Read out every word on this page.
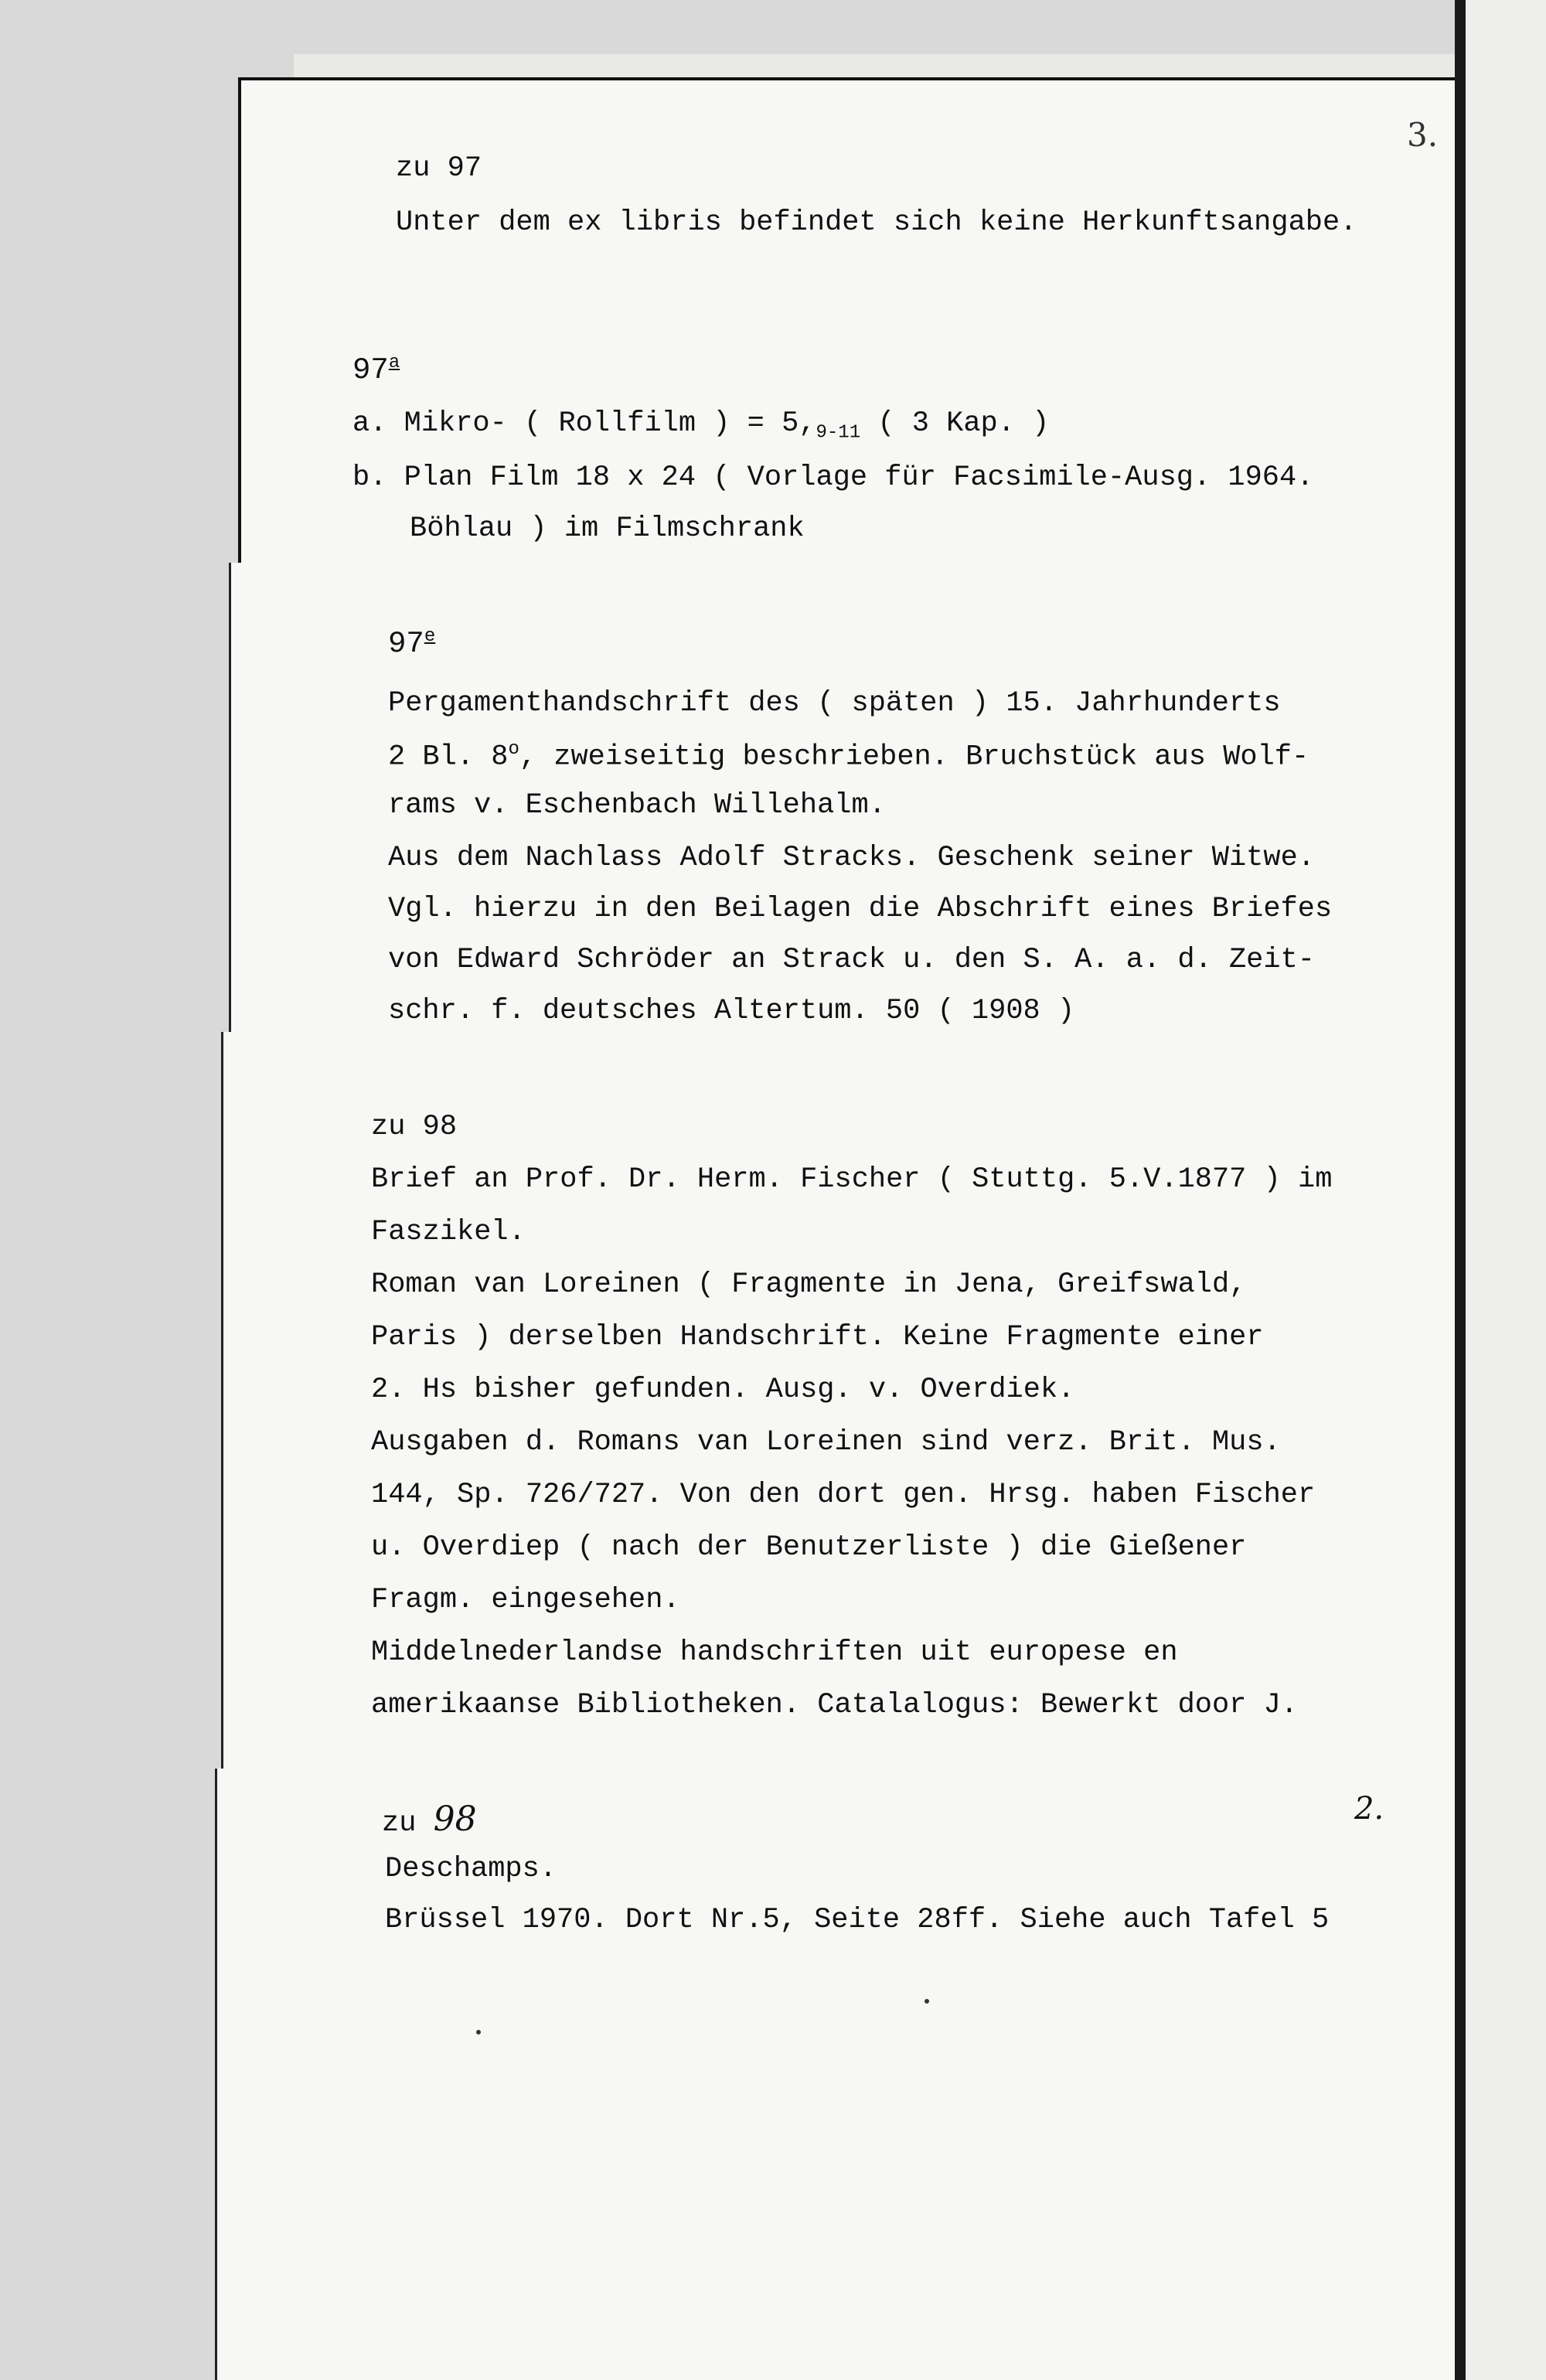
3.
zu 97
Unter dem ex libris befindet sich keine Herkunftsangabe.
97$^a$
a. Mikro- ( Rollfilm ) = $5,_{9-11}$ ( 3 Kap. )
b. Plan Film 18 x 24 ( Vorlage für Facsimile-Ausg. 1964.
Böhlau ) im Filmschrank
97e
Pergamenthandschrift des ( späten ) 15. Jahrhunderts
2 Bl. 8$^o$, zweiseitig beschrieben. Bruchstück aus Wolf-
rams v. Eschenbach Willehalm.
Aus dem Nachlass Adolf Stracks. Geschenk seiner Witwe.
Vgl. hierzu in den Beilagen die Abschrift eines Briefes
von Edward Schröder an Strack u. den S. A. a. d. Zeit-
schr. f. deutsches Altertum. 50 ( 1908 )
zu 98
Brief an Prof. Dr. Herm. Fischer ( Stuttg. 5.V.1877 ) im
Faszikel.
Roman van Loreinen ( Fragmente in Jena, Greifswald,
Paris ) derselben Handschrift. Keine Fragmente einer
2. Hs bisher gefunden. Ausg. v. Overdiek.
Ausgaben d. Romans van Loreinen sind verz. Brit. Mus.
144, Sp. 726/727. Von den dort gen. Hrsg. haben Fischer
u. Overdiep ( nach der Benutzerliste ) die Gießener
Fragm. eingesehen.
Middelnederlandse handschriften uit europese en
amerikaanse Bibliotheken. Catalalogus: Bewerkt door J.
zu 98	2.
Deschamps.
Brüssel 1970. Dort Nr.5, Seite 28ff. Siehe auch Tafel 5
